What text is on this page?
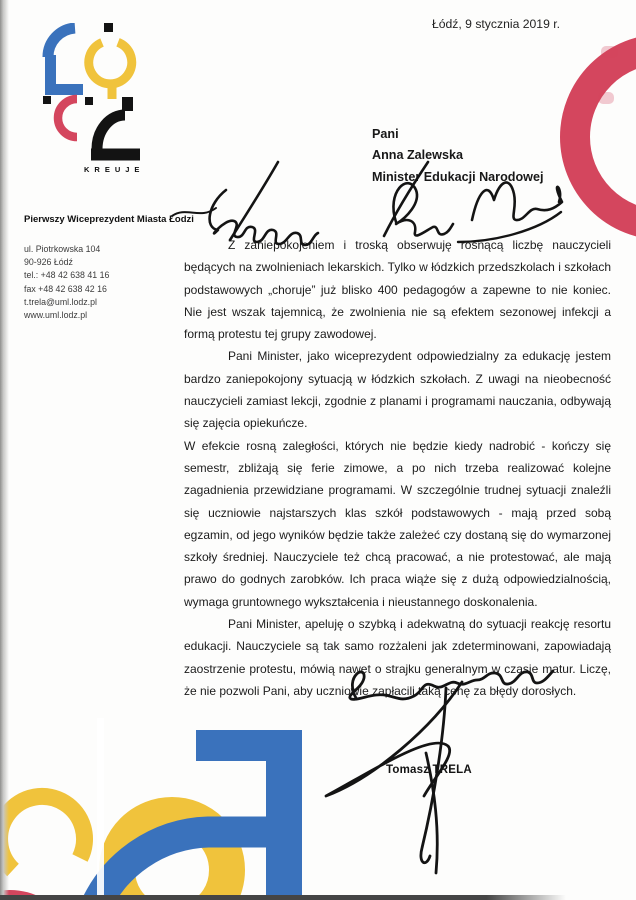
Łódź, 9 stycznia 2019 r.
KREUJE
Pierwszy Wiceprezydent Miasta Łodzi
ul. Piotrkowska 104
90-926 Łódź
tel.: +48 42 638 41 16
fax +48 42 638 42 16
t.trela@uml.lodz.pl
www.uml.lodz.pl
Pani
Anna Zalewska
Minister Edukacji Narodowej

Z zaniepokojeniem i troską obserwuję rosnącą liczbę nauczycieli będących na zwolnieniach lekarskich. Tylko w łódzkich przedszkolach i szkołach podstawowych „choruje” już blisko 400 pedagogów a zapewne to nie koniec. Nie jest wszak tajemnicą, że zwolnienia nie są efektem sezonowej infekcji a formą protestu tej grupy zawodowej.

Pani Minister, jako wiceprezydent odpowiedzialny za edukację jestem bardzo zaniepokojony sytuacją w łódzkich szkołach. Z uwagi na nieobecność nauczycieli zamiast lekcji, zgodnie z planami i programami nauczania, odbywają się zajęcia opiekuńcze.

W efekcie rosną zaległości, których nie będzie kiedy nadrobić - kończy się semestr, zbliżają się ferie zimowe, a po nich trzeba realizować kolejne zagadnienia przewidziane programami. W szczególnie trudnej sytuacji znaleźli się uczniowie najstarszych klas szkół podstawowych - mają przed sobą egzamin, od jego wyników będzie także zależeć czy dostaną się do wymarzonej szkoły średniej. Nauczyciele też chcą pracować, a nie protestować, ale mają prawo do godnych zarobków. Ich praca wiąże się z dużą odpowiedzialnością, wymaga gruntownego wykształcenia i nieustannego doskonalenia.

Pani Minister, apeluję o szybką i adekwatną do sytuacji reakcję resortu edukacji. Nauczyciele są tak samo rozżaleni jak zdeterminowani, zapowiadają zaostrzenie protestu, mówią nawet o strajku generalnym w czasie matur. Liczę, że nie pozwoli Pani, aby uczniowie zapłacili taką cenę za błędy dorosłych.

Tomasz TRELA
